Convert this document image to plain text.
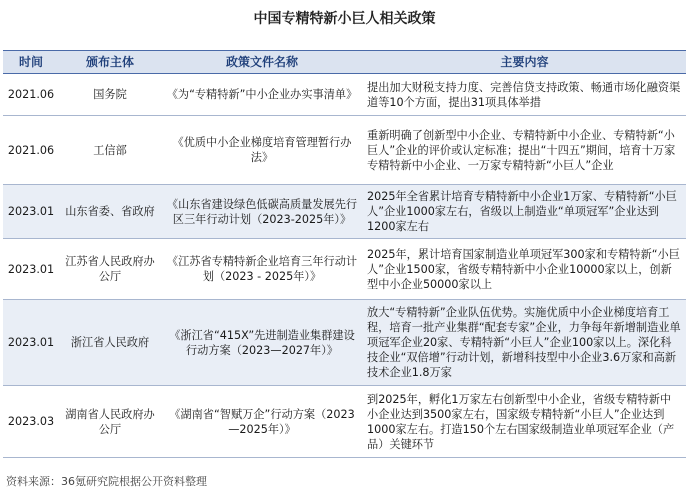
中国专精特新小巨人相关政策
时间	颁布主体	政策文件名称	主要内容
2021.06	国务院	《为“专精特新”中小企业办实事清单》	提出加大财税支持力度、完善信贷支持政策、畅通市场化融资渠道等10个方面，提出31项具体举措
2021.06	工信部	《优质中小企业梯度培育管理暂行办法》	重新明确了创新型中小企业、专精特新中小企业、专精特新“小巨人”企业的评价或认定标准；提出“十四五”期间，培育十万家专精特新中小企业、一万家专精特新“小巨人”企业
2023.01	山东省委、省政府	《山东省建设绿色低碳高质量发展先行区三年行动计划（2023-2025年）》	2025年全省累计培育专精特新中小企业1万家、专精特新“小巨人”企业1000家左右，省级以上制造业“单项冠军”企业达到1200家左右
2023.01	江苏省人民政府办公厅	《江苏省专精特新企业培育三年行动计划（2023 - 2025年）》	2025年，累计培育国家制造业单项冠军300家和专精特新“小巨人”企业1500家，省级专精特新中小企业10000家以上，创新型中小企业50000家以上
2023.01	浙江省人民政府	《浙江省“415X”先进制造业集群建设行动方案（2023—2027年）》	放大“专精特新”企业队伍优势。实施优质中小企业梯度培育工程，培育一批产业集群“配套专家”企业，力争每年新增制造业单项冠军企业20家、专精特新“小巨人”企业100家以上。深化科技企业“双倍增”行动计划，新增科技型中小企业3.6万家和高新技术企业1.8万家
2023.03	湖南省人民政府办公厅	《湖南省“智赋万企”行动方案（2023—2025年）》	到2025年，孵化1万家左右创新型中小企业，省级专精特新中小企业达到3500家左右，国家级专精特新“小巨人”企业达到1000家左右。打造150个左右国家级制造业单项冠军企业（产品）关键环节
资料来源：36氪研究院根据公开资料整理
